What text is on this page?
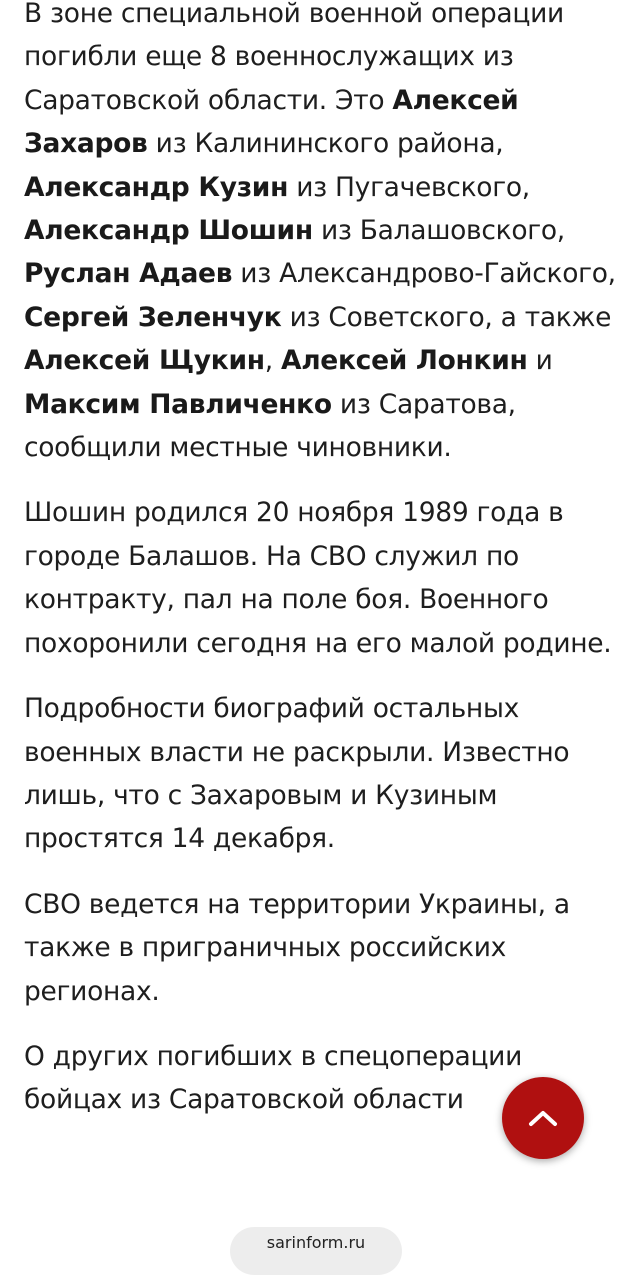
В зоне специальной военной операции погибли еще 8 военнослужащих из Саратовской области. Это Алексей Захаров из Калининского района, Александр Кузин из Пугачевского, Александр Шошин из Балашовского, Руслан Адаев из Александрово-Гайского, Сергей Зеленчук из Советского, а также Алексей Щукин, Алексей Лонкин и Максим Павличенко из Саратова, сообщили местные чиновники.

Шошин родился 20 ноября 1989 года в городе Балашов. На СВО служил по контракту, пал на поле боя. Военного похоронили сегодня на его малой родине.

Подробности биографий остальных военных власти не раскрыли. Известно лишь, что с Захаровым и Кузиным простятся 14 декабря.

СВО ведется на территории Украины, а также в приграничных российских регионах.

О других погибших в спецоперации бойцах из Саратовской области

sarinform.ru
